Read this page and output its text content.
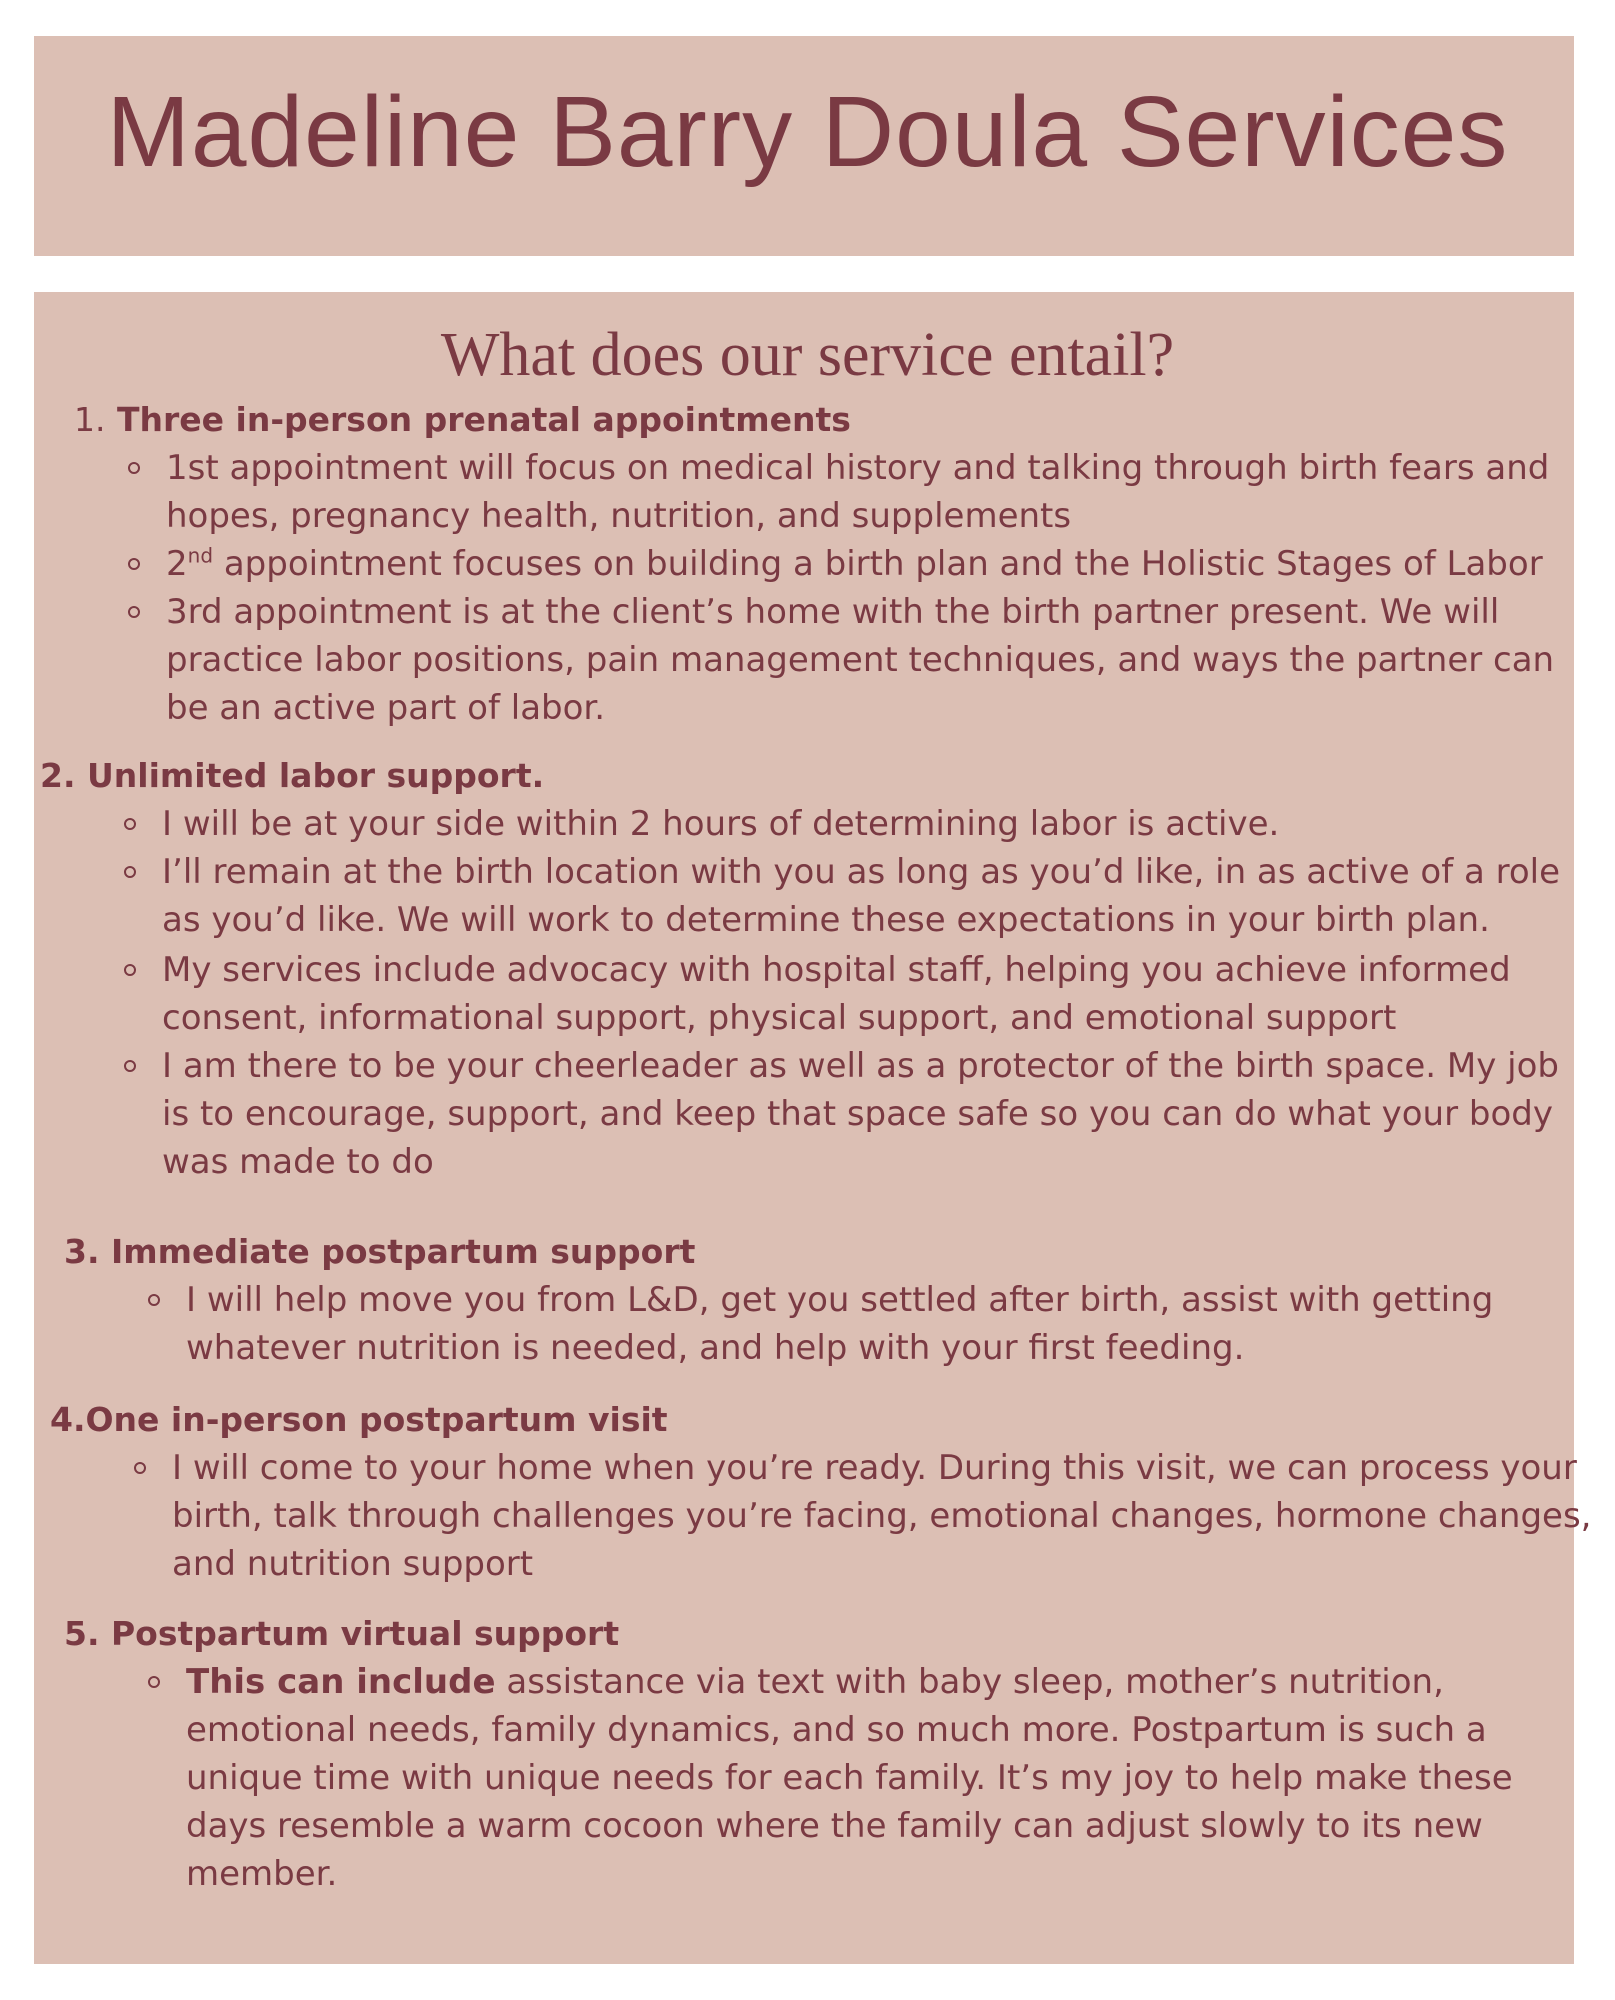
Madeline Barry Doula Services
What does our service entail?
1. Three in-person prenatal appointments

1st appointment will focus on medical history and talking through birth fears and hopes, pregnancy health, nutrition, and supplements

2nd appointment focuses on building a birth plan and the Holistic Stages of Labor

3rd appointment is at the client’s home with the birth partner present. We will practice labor positions, pain management techniques, and ways the partner can be an active part of labor.

2. Unlimited labor support.

I will be at your side within 2 hours of determining labor is active.

I’ll remain at the birth location with you as long as you’d like, in as active of a role as you’d like. We will work to determine these expectations in your birth plan.

My services include advocacy with hospital staff, helping you achieve informed consent, informational support, physical support, and emotional support

I am there to be your cheerleader as well as a protector of the birth space. My job is to encourage, support, and keep that space safe so you can do what your body was made to do

3. Immediate postpartum support

I will help move you from L&D, get you settled after birth, assist with getting whatever nutrition is needed, and help with your first feeding.

4.One in-person postpartum visit

I will come to your home when you’re ready. During this visit, we can process your birth, talk through challenges you’re facing, emotional changes, hormone changes, and nutrition support

5. Postpartum virtual support

This can include assistance via text with baby sleep, mother’s nutrition, emotional needs, family dynamics, and so much more. Postpartum is such a unique time with unique needs for each family. It’s my joy to help make these days resemble a warm cocoon where the family can adjust slowly to its new member.
